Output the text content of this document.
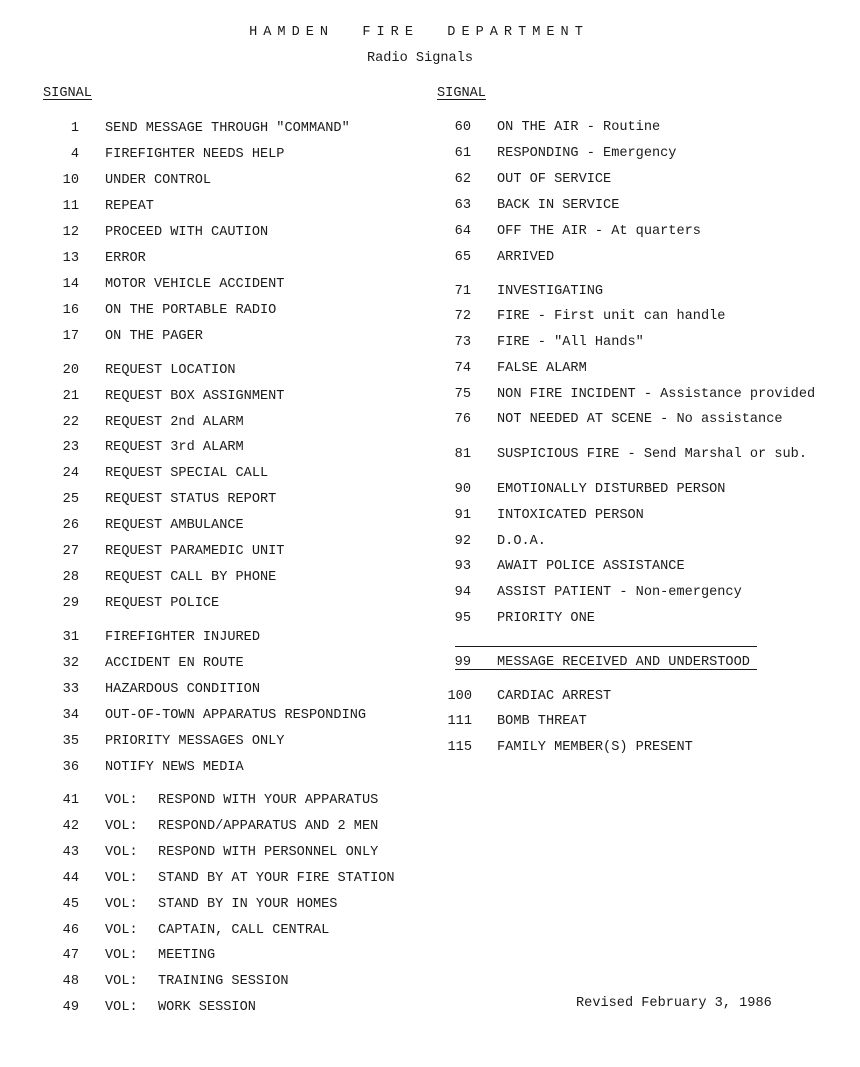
HAMDEN  FIRE  DEPARTMENT
Radio Signals
SIGNAL	SIGNAL
1 SEND MESSAGE THROUGH "COMMAND"
4 FIREFIGHTER NEEDS HELP
10 UNDER CONTROL
11 REPEAT
12 PROCEED WITH CAUTION
13 ERROR
14 MOTOR VEHICLE ACCIDENT
16 ON THE PORTABLE RADIO
17 ON THE PAGER
20 REQUEST LOCATION
21 REQUEST BOX ASSIGNMENT
22 REQUEST 2nd ALARM
23 REQUEST 3rd ALARM
24 REQUEST SPECIAL CALL
25 REQUEST STATUS REPORT
26 REQUEST AMBULANCE
27 REQUEST PARAMEDIC UNIT
28 REQUEST CALL BY PHONE
29 REQUEST POLICE
31 FIREFIGHTER INJURED
32 ACCIDENT EN ROUTE
33 HAZARDOUS CONDITION
34 OUT-OF-TOWN APPARATUS RESPONDING
35 PRIORITY MESSAGES ONLY
36 NOTIFY NEWS MEDIA
41 VOL: RESPOND WITH YOUR APPARATUS
42 VOL: RESPOND/APPARATUS AND 2 MEN
43 VOL: RESPOND WITH PERSONNEL ONLY
44 VOL: STAND BY AT YOUR FIRE STATION
45 VOL: STAND BY IN YOUR HOMES
46 VOL: CAPTAIN, CALL CENTRAL
47 VOL: MEETING
48 VOL: TRAINING SESSION
49 VOL: WORK SESSION
60 ON THE AIR - Routine
61 RESPONDING - Emergency
62 OUT OF SERVICE
63 BACK IN SERVICE
64 OFF THE AIR - At quarters
65 ARRIVED
71 INVESTIGATING
72 FIRE - First unit can handle
73 FIRE - "All Hands"
74 FALSE ALARM
75 NON FIRE INCIDENT - Assistance provided
76 NOT NEEDED AT SCENE - No assistance
81 SUSPICIOUS FIRE - Send Marshal or sub.
90 EMOTIONALLY DISTURBED PERSON
91 INTOXICATED PERSON
92 D.O.A.
93 AWAIT POLICE ASSISTANCE
94 ASSIST PATIENT - Non-emergency
95 PRIORITY ONE
99 MESSAGE RECEIVED AND UNDERSTOOD
100 CARDIAC ARREST
111 BOMB THREAT
115 FAMILY MEMBER(S) PRESENT
Revised February 3, 1986
